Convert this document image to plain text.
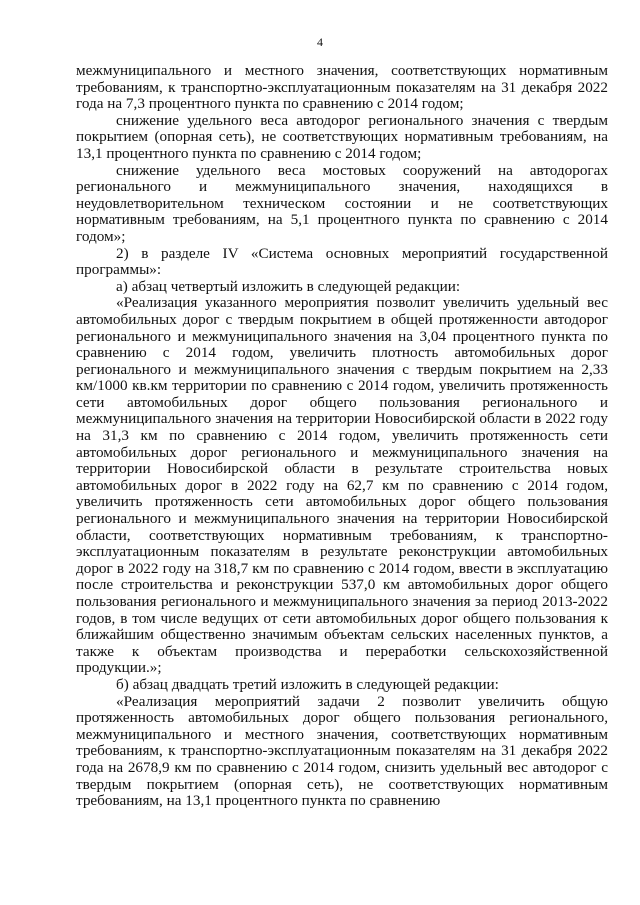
4

межмуниципального и местного значения, соответствующих нормативным требованиям, к транспортно-эксплуатационным показателям на 31 декабря 2022 года на 7,3 процентного пункта по сравнению с 2014 годом;

снижение удельного веса автодорог регионального значения с твердым покрытием (опорная сеть), не соответствующих нормативным требованиям, на 13,1 процентного пункта по сравнению с 2014 годом;

снижение удельного веса мостовых сооружений на автодорогах регионального и межмуниципального значения, находящихся в неудовлетворительном техническом состоянии и не соответствующих нормативным требованиям, на 5,1 процентного пункта по сравнению с 2014 годом»;

2) в разделе IV «Система основных мероприятий государственной программы»:

а) абзац четвертый изложить в следующей редакции:

«Реализация указанного мероприятия позволит увеличить удельный вес автомобильных дорог с твердым покрытием в общей протяженности автодорог регионального и межмуниципального значения на 3,04 процентного пункта по сравнению с 2014 годом, увеличить плотность автомобильных дорог регионального и межмуниципального значения с твердым покрытием на 2,33 км/1000 кв.км территории по сравнению с 2014 годом, увеличить протяженность сети автомобильных дорог общего пользования регионального и межмуниципального значения на территории Новосибирской области в 2022 году на 31,3 км по сравнению с 2014 годом, увеличить протяженность сети автомобильных дорог регионального и межмуниципального значения на территории Новосибирской области в результате строительства новых автомобильных дорог в 2022 году на 62,7 км по сравнению с 2014 годом, увеличить протяженность сети автомобильных дорог общего пользования регионального и межмуниципального значения на территории Новосибирской области, соответствующих нормативным требованиям, к транспортно-эксплуатационным показателям в результате реконструкции автомобильных дорог в 2022 году на 318,7 км по сравнению с 2014 годом, ввести в эксплуатацию после строительства и реконструкции 537,0 км автомобильных дорог общего пользования регионального и межмуниципального значения за период 2013-2022 годов, в том числе ведущих от сети автомобильных дорог общего пользования к ближайшим общественно значимым объектам сельских населенных пунктов, а также к объектам производства и переработки сельскохозяйственной продукции.»;

б) абзац двадцать третий изложить в следующей редакции:

«Реализация мероприятий задачи 2 позволит увеличить общую протяженность автомобильных дорог общего пользования регионального, межмуниципального и местного значения, соответствующих нормативным требованиям, к транспортно-эксплуатационным показателям на 31 декабря 2022 года на 2678,9 км по сравнению с 2014 годом, снизить удельный вес автодорог с твердым покрытием (опорная сеть), не соответствующих нормативным требованиям, на 13,1 процентного пункта по сравнению
